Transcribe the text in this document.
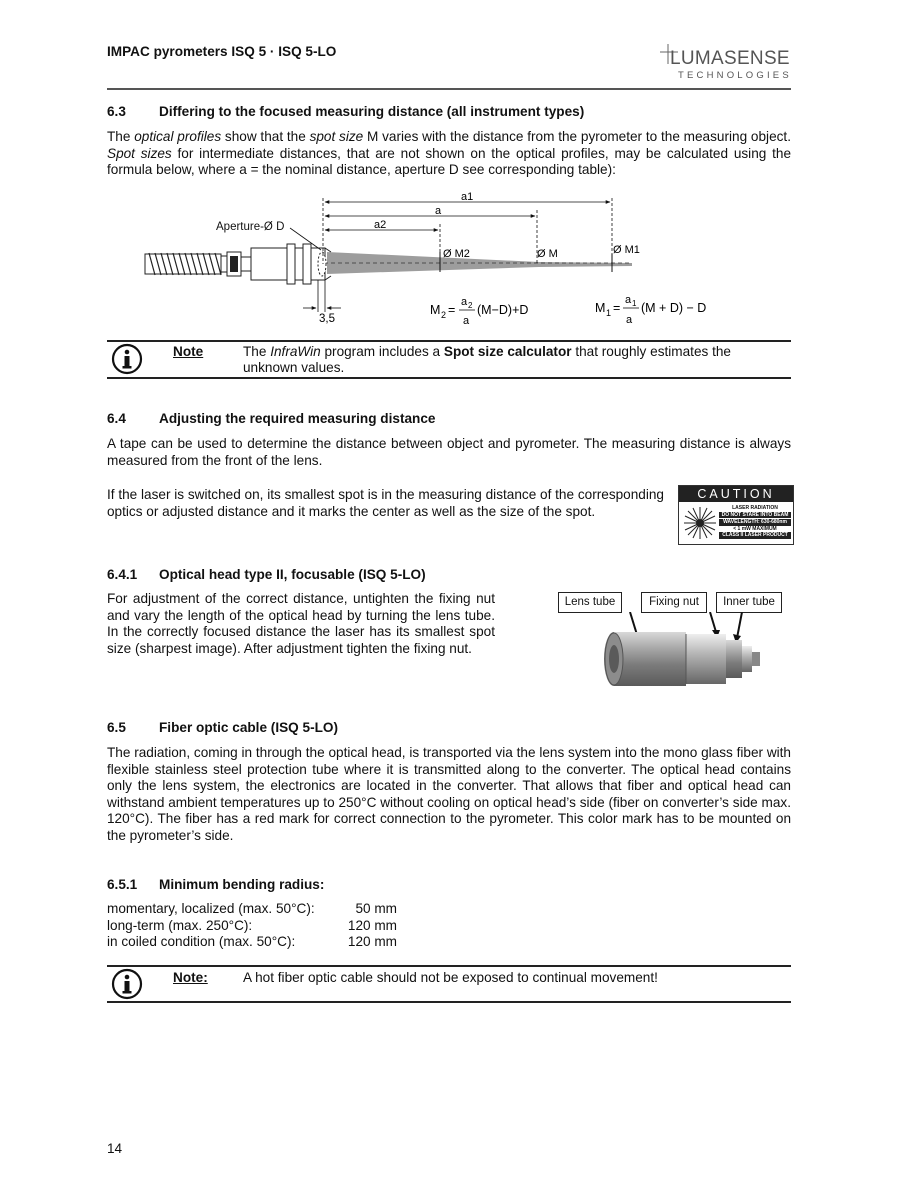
IMPAC pyrometers ISQ 5 · ISQ 5-LO	LUMASENSE
TECHNOLOGIES
6.3 Differing to the focused measuring distance (all instrument types)

The optical profiles show that the spot size M varies with the distance from the pyrometer to the measuring object. Spot sizes for intermediate distances, that are not shown on the optical profiles, may be calculated using the formula below, where a = the nominal distance, aperture D see corresponding table):

Aperture-Ø D
a1
a
a2
Ø M2	Ø M	Ø M1
3,5
M 2 =
a 2
a
(M−D)+D	M 1 =
a 1
a
(M + D) − D
Note	The InfraWin program includes a Spot size calculator that roughly estimates the unknown values.
6.4 Adjusting the required measuring distance

A tape can be used to determine the distance between object and pyrometer. The measuring distance is always measured from the front of the lens.

If the laser is switched on, its smallest spot is in the measuring distance of the corresponding optics or adjusted distance and it marks the center as well as the size of the spot.

CAUTION
LASER RADIATION
DO NOT STARE INTO BEAM
WAVELENGTH: 630-680nm
< 1 mW MAXIMUM
CLASS II LASER PRODUCT
6.4.1 Optical head type II, focusable (ISQ 5-LO)

For adjustment of the correct distance, untighten the fixing nut and vary the length of the optical head by turning the lens tube. In the correctly focused distance the laser has its smallest spot size (sharpest image). After adjustment tighten the fixing nut.

Lens tube	Fixing nut	Inner tube
6.5 Fiber optic cable (ISQ 5-LO)

The radiation, coming in through the optical head, is transported via the lens system into the mono glass fiber with flexible stainless steel protection tube where it is transmitted along to the converter. The optical head contains only the lens system, the electronics are located in the converter. That allows that fiber and optical head can withstand ambient temperatures up to 250°C without cooling on optical head’s side (fiber on converter’s side max. 120°C). The fiber has a red mark for correct connection to the pyrometer. This color mark has to be mounted on the pyrometer’s side.

6.5.1 Minimum bending radius:
momentary, localized (max. 50°C):	50 mm
long-term (max. 250°C):	120 mm
in coiled condition (max. 50°C):	120 mm
Note:	A hot fiber optic cable should not be exposed to continual movement!
14
